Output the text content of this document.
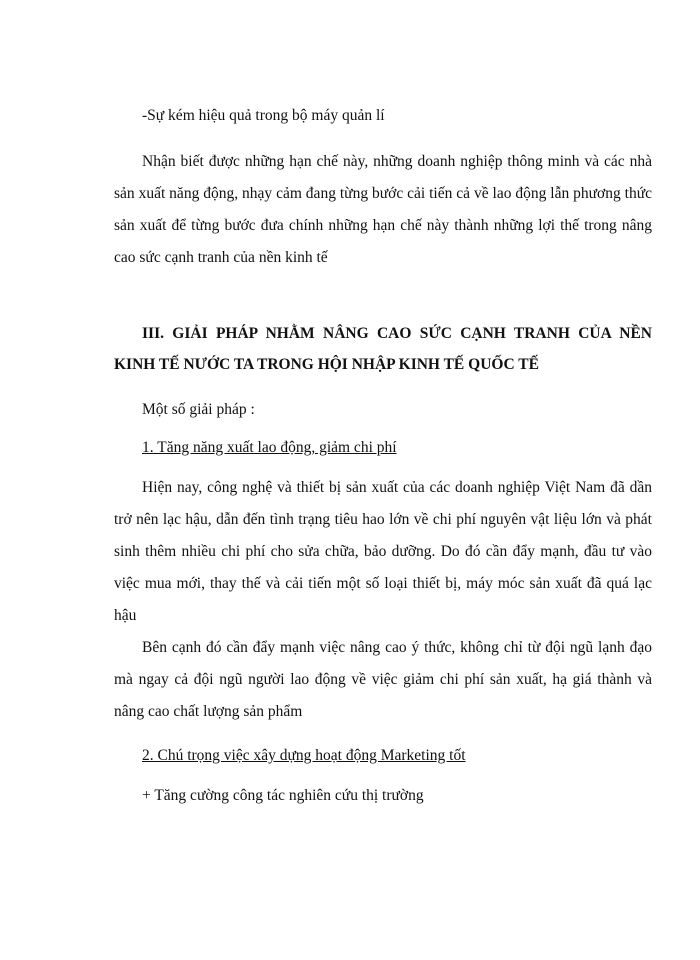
-Sự kém hiệu quả trong bộ máy quản lí

Nhận biết được những hạn chế này, những doanh nghiệp thông minh và các nhà sản xuất năng động, nhạy cảm đang từng bước cải tiến cả về lao động lẫn phương thức sản xuất để từng bước đưa chính những hạn chế này thành những lợi thế trong nâng cao sức cạnh tranh của nền kinh tế

III. GIẢI PHÁP NHẰM NÂNG CAO SỨC CẠNH TRANH CỦA NỀN KINH TẾ NƯỚC TA TRONG HỘI NHẬP KINH TẾ QUỐC TẾ

Một số giải pháp :

1. Tăng năng xuất lao động, giảm chi phí

Hiện nay, công nghệ và thiết bị sản xuất của các doanh nghiệp Việt Nam đã dần trở nên lạc hậu, dẫn đến tình trạng tiêu hao lớn về chi phí nguyên vật liệu lớn và phát sinh thêm nhiều chi phí cho sửa chữa, bảo dưỡng. Do đó cần đẩy mạnh, đầu tư vào việc mua mới, thay thế và cải tiến một số loại thiết bị, máy móc sản xuất đã quá lạc hậu

Bên cạnh đó cần đẩy mạnh việc nâng cao ý thức, không chỉ từ đội ngũ lạnh đạo mà ngay cả đội ngũ người lao động về việc giảm chi phí sản xuất, hạ giá thành và nâng cao chất lượng sản phẩm

2. Chú trọng việc xây dựng hoạt động Marketing tốt

+ Tăng cường công tác nghiên cứu thị trường
